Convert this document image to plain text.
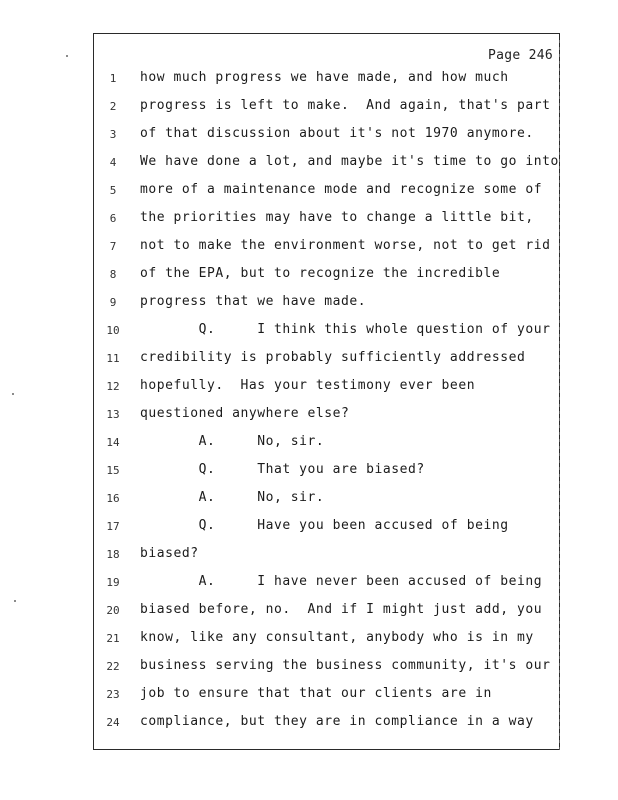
Page 246
1	how much progress we have made, and how much
2	progress is left to make.  And again, that's part
3	of that discussion about it's not 1970 anymore.
4	We have done a lot, and maybe it's time to go into
5	more of a maintenance mode and recognize some of
6	the priorities may have to change a little bit,
7	not to make the environment worse, not to get rid
8	of the EPA, but to recognize the incredible
9	progress that we have made.
10 Q.     I think this whole question of your
11 credibility is probably sufficiently addressed
12 hopefully.  Has your testimony ever been
13 questioned anywhere else?
14 A.     No, sir.
15 Q.     That you are biased?
16 A.     No, sir.
17 Q.     Have you been accused of being
18 biased?
19 A.     I have never been accused of being
20 biased before, no.  And if I might just add, you
21 know, like any consultant, anybody who is in my
22 business serving the business community, it's our
23 job to ensure that that our clients are in
24 compliance, but they are in compliance in a way
